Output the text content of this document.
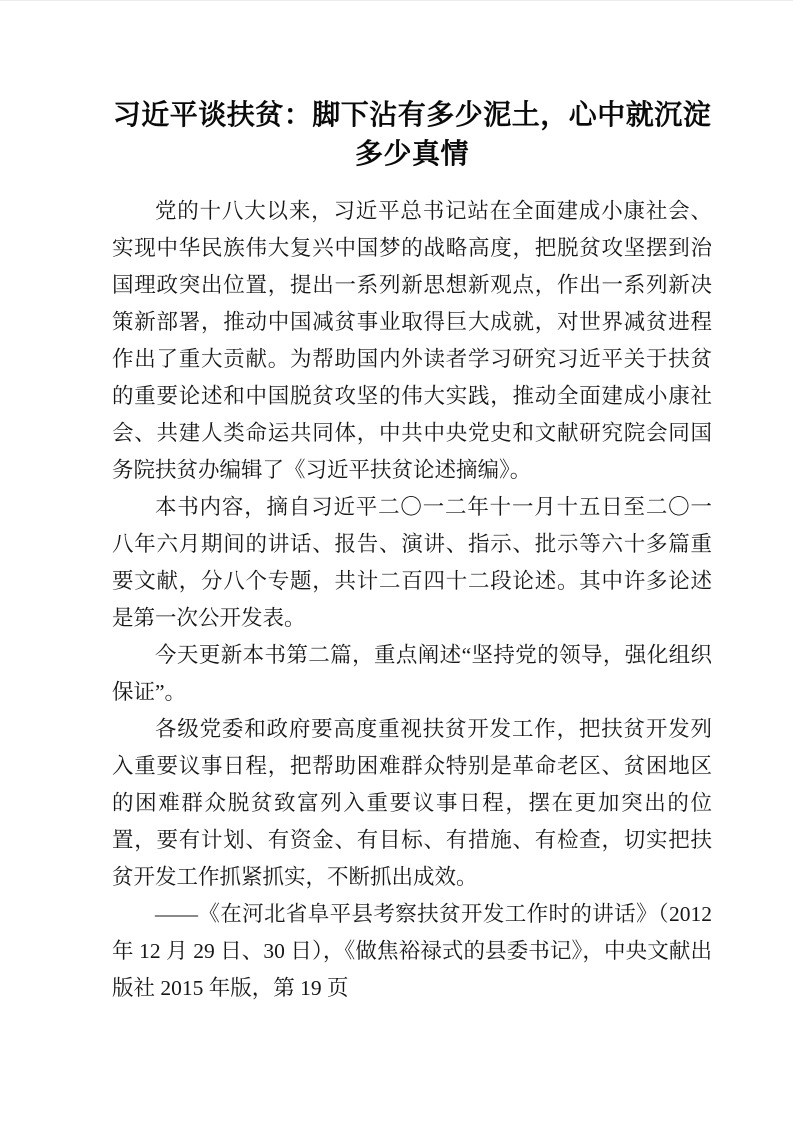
习近平谈扶贫：脚下沾有多少泥土，心中就沉淀多少真情

党的十八大以来，习近平总书记站在全面建成小康社会、实现中华民族伟大复兴中国梦的战略高度，把脱贫攻坚摆到治国理政突出位置，提出一系列新思想新观点，作出一系列新决策新部署，推动中国减贫事业取得巨大成就，对世界减贫进程作出了重大贡献。为帮助国内外读者学习研究习近平关于扶贫的重要论述和中国脱贫攻坚的伟大实践，推动全面建成小康社会、共建人类命运共同体，中共中央党史和文献研究院会同国务院扶贫办编辑了《习近平扶贫论述摘编》。

本书内容，摘自习近平二〇一二年十一月十五日至二〇一八年六月期间的讲话、报告、演讲、指示、批示等六十多篇重要文献，分八个专题，共计二百四十二段论述。其中许多论述是第一次公开发表。

今天更新本书第二篇，重点阐述“坚持党的领导，强化组织保证”。

各级党委和政府要高度重视扶贫开发工作，把扶贫开发列入重要议事日程，把帮助困难群众特别是革命老区、贫困地区的困难群众脱贫致富列入重要议事日程，摆在更加突出的位置，要有计划、有资金、有目标、有措施、有检查，切实把扶贫开发工作抓紧抓实，不断抓出成效。

——《在河北省阜平县考察扶贫开发工作时的讲话》（2012 年 12 月 29 日、30 日），《做焦裕禄式的县委书记》，中央文献出版社 2015 年版，第 19 页
